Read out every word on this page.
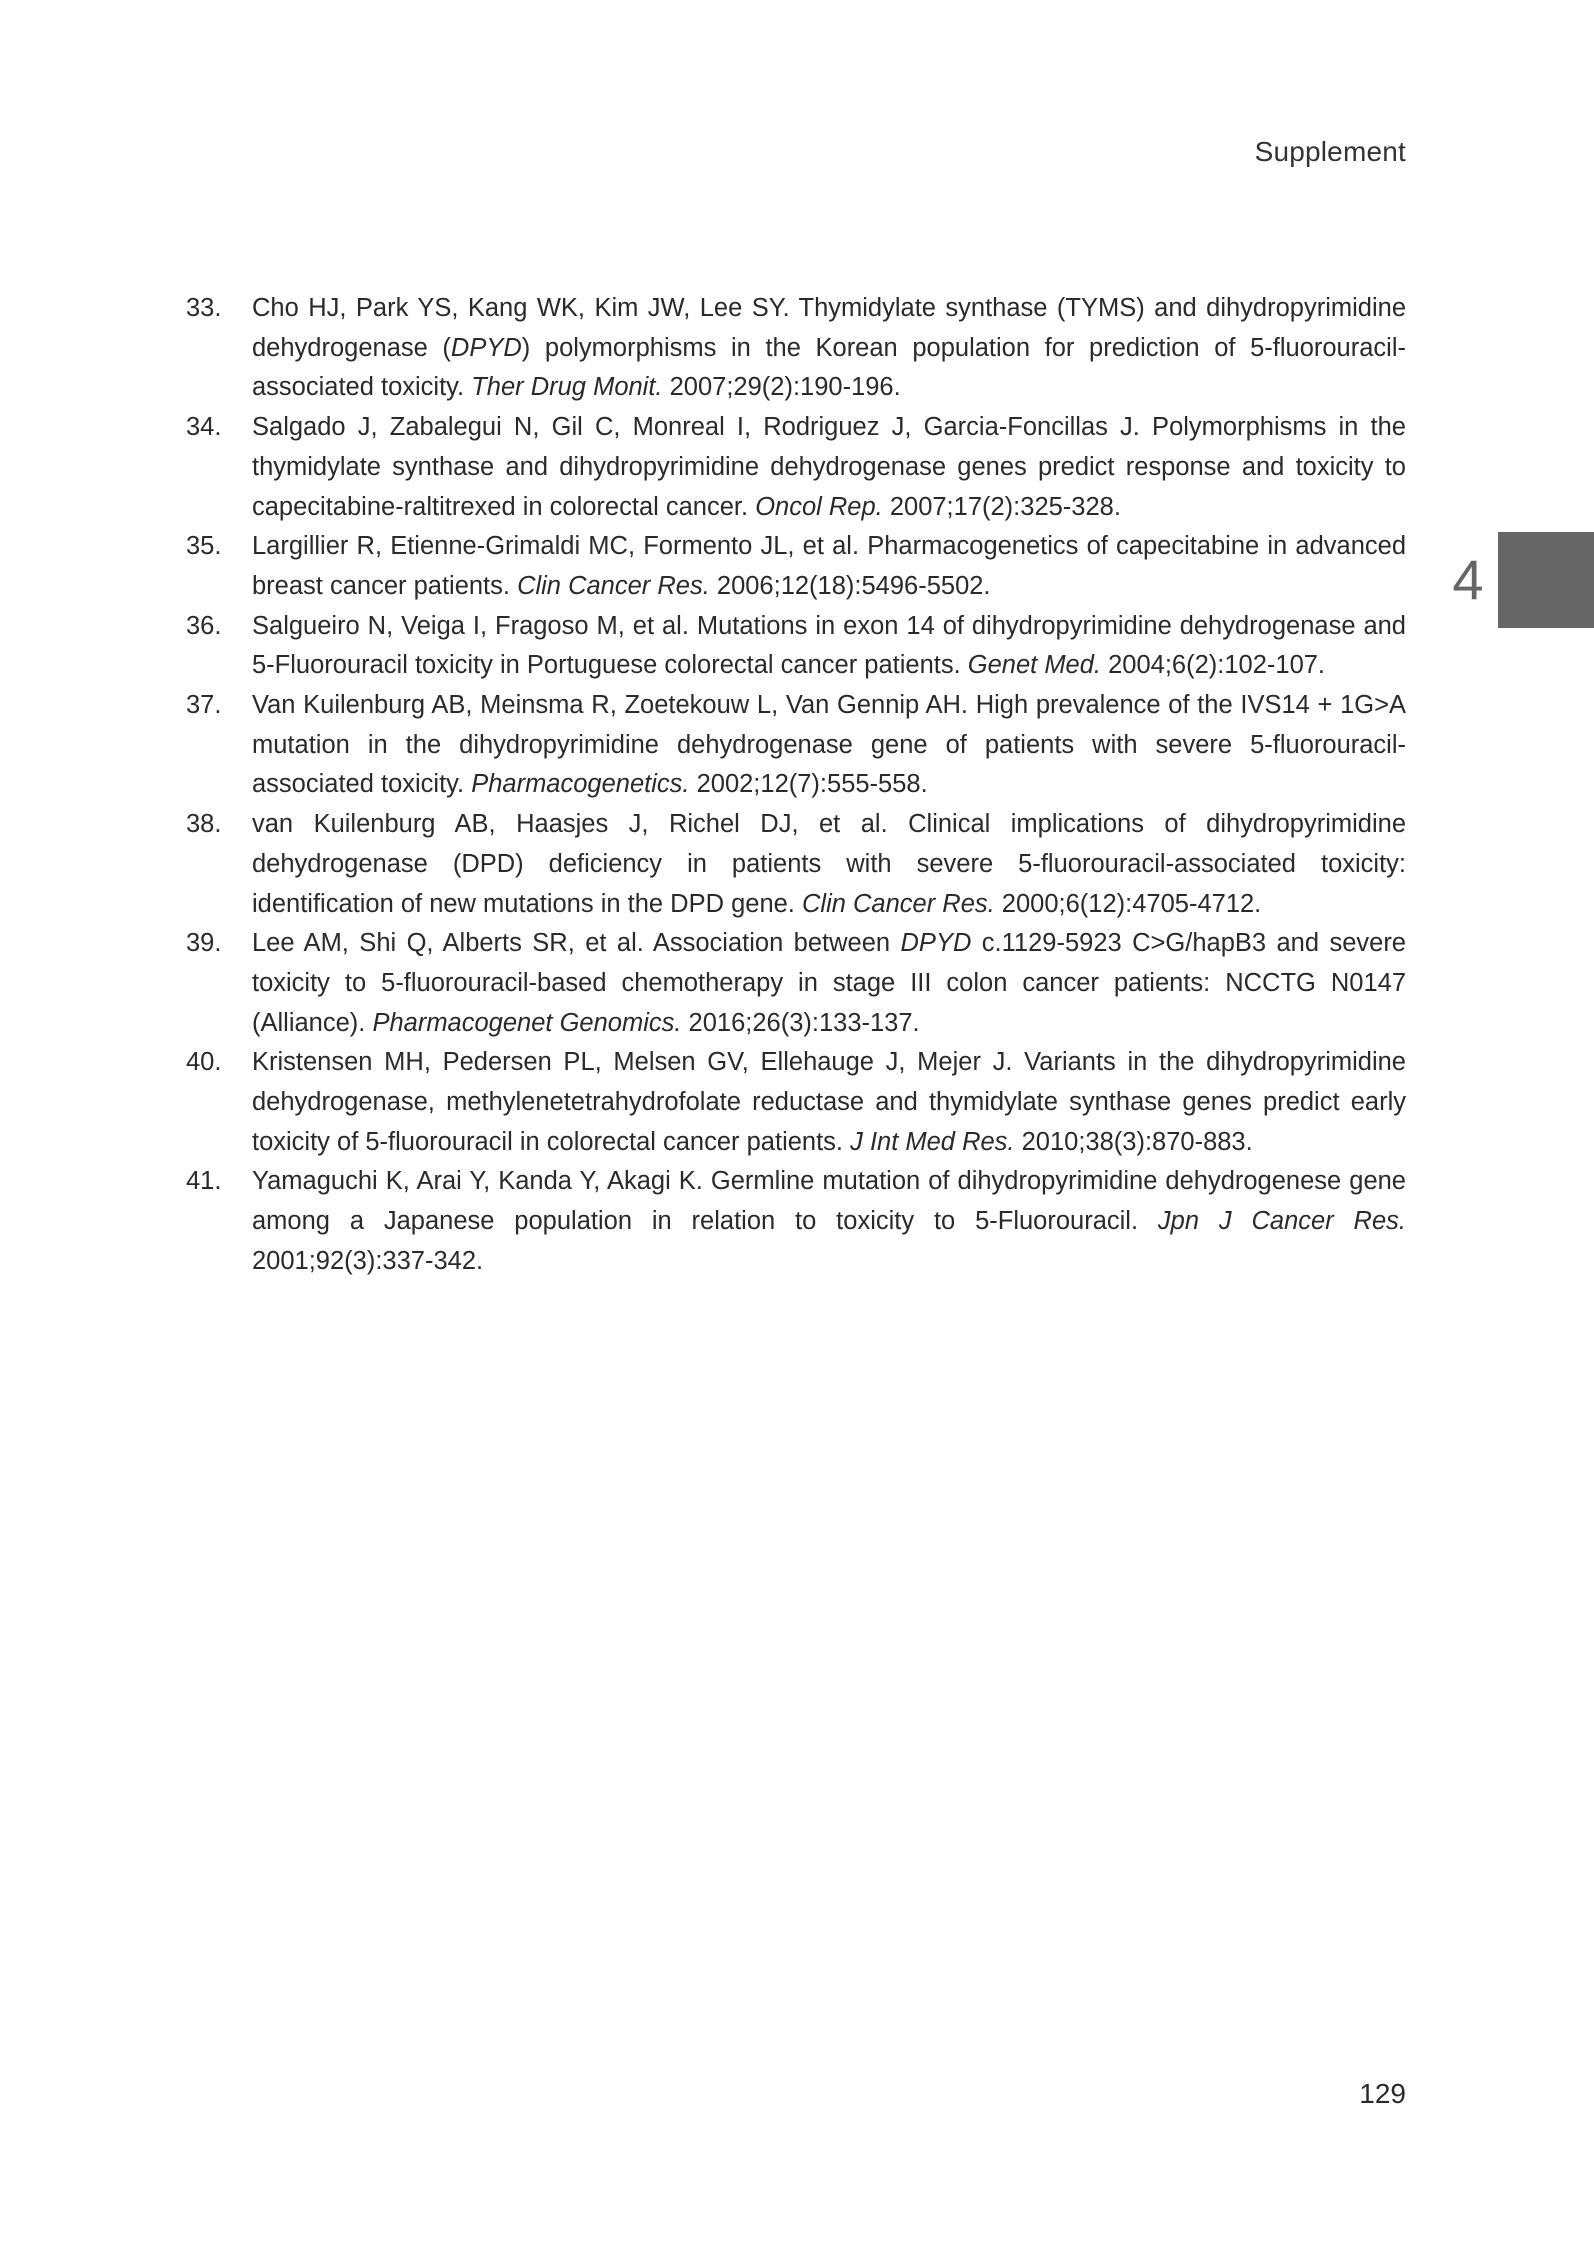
Supplement
4
33.	Cho HJ, Park YS, Kang WK, Kim JW, Lee SY. Thymidylate synthase (TYMS) and dihydropyrimidine dehydrogenase (DPYD) polymorphisms in the Korean population for prediction of 5-fluorouracil-associated toxicity. Ther Drug Monit. 2007;29(2):190-196.
34.	Salgado J, Zabalegui N, Gil C, Monreal I, Rodriguez J, Garcia-Foncillas J. Polymorphisms in the thymidylate synthase and dihydropyrimidine dehydrogenase genes predict response and toxicity to capecitabine-raltitrexed in colorectal cancer. Oncol Rep. 2007;17(2):325-328.
35.	Largillier R, Etienne-Grimaldi MC, Formento JL, et al. Pharmacogenetics of capecitabine in advanced breast cancer patients. Clin Cancer Res. 2006;12(18):5496-5502.
36.	Salgueiro N, Veiga I, Fragoso M, et al. Mutations in exon 14 of dihydropyrimidine dehydrogenase and 5-Fluorouracil toxicity in Portuguese colorectal cancer patients. Genet Med. 2004;6(2):102-107.
37.	Van Kuilenburg AB, Meinsma R, Zoetekouw L, Van Gennip AH. High prevalence of the IVS14 + 1G>A mutation in the dihydropyrimidine dehydrogenase gene of patients with severe 5-fluorouracil-associated toxicity. Pharmacogenetics. 2002;12(7):555-558.
38.	van Kuilenburg AB, Haasjes J, Richel DJ, et al. Clinical implications of dihydropyrimidine dehydrogenase (DPD) deficiency in patients with severe 5-fluorouracil-associated toxicity: identification of new mutations in the DPD gene. Clin Cancer Res. 2000;6(12):4705-4712.
39.	Lee AM, Shi Q, Alberts SR, et al. Association between DPYD c.1129-5923 C>G/hapB3 and severe toxicity to 5-fluorouracil-based chemotherapy in stage III colon cancer patients: NCCTG N0147 (Alliance). Pharmacogenet Genomics. 2016;26(3):133-137.
40.	Kristensen MH, Pedersen PL, Melsen GV, Ellehauge J, Mejer J. Variants in the dihydropyrimidine dehydrogenase, methylenetetrahydrofolate reductase and thymidylate synthase genes predict early toxicity of 5-fluorouracil in colorectal cancer patients. J Int Med Res. 2010;38(3):870-883.
41.	Yamaguchi K, Arai Y, Kanda Y, Akagi K. Germline mutation of dihydropyrimidine dehydrogenese gene among a Japanese population in relation to toxicity to 5-Fluorouracil. Jpn J Cancer Res. 2001;92(3):337-342.
129
